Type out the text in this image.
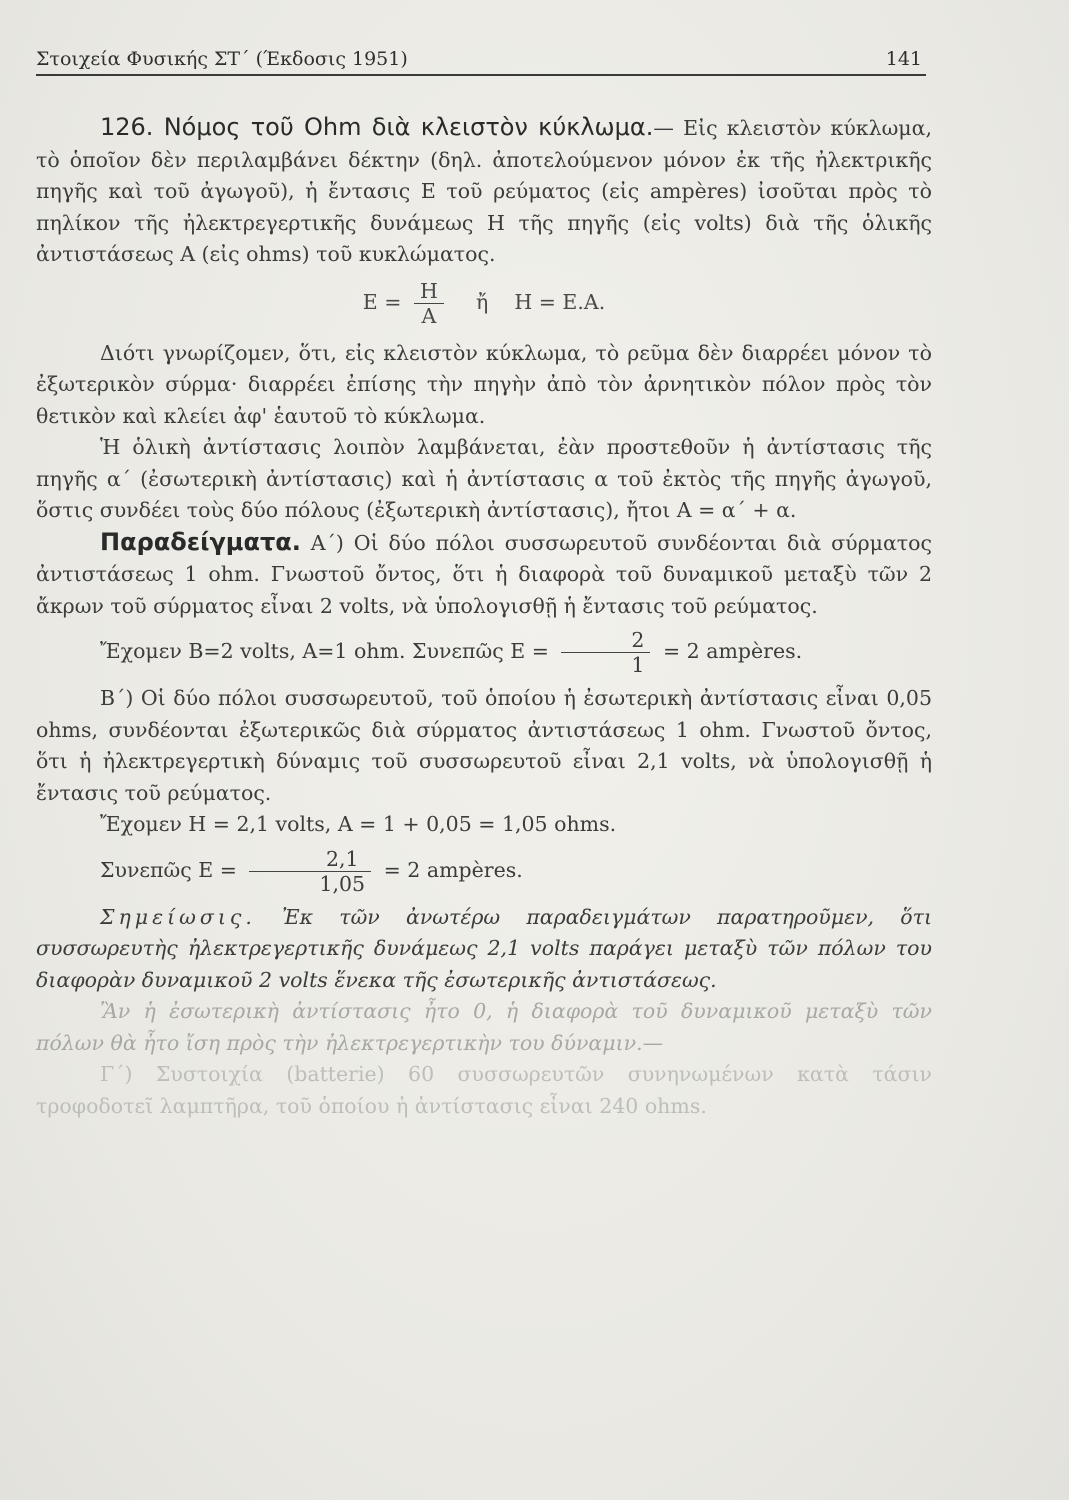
Στοιχεία Φυσικής ΣΤ΄ (Έκδοσις 1951)	141

126. Νόμος τοῦ Ohm διὰ κλειστὸν κύκλωμα.— Εἰς κλειστὸν κύκλωμα, τὸ ὁποῖον δὲν περιλαμβάνει δέκτην (δηλ. ἀποτελούμενον μόνον ἐκ τῆς ἠλεκτρικῆς πηγῆς καὶ τοῦ ἀγωγοῦ), ἡ ἔντασις Ε τοῦ ρεύματος (εἰς ampères) ἰσοῦται πρὸς τὸ πηλίκον τῆς ἠλεκτρεγερτικῆς δυνάμεως Η τῆς πηγῆς (εἰς volts) διὰ τῆς ὁλικῆς ἀντιστάσεως Α (εἰς ohms) τοῦ κυκλώματος.

$E = \frac{H}{A}$ ἤ H = E.A.

Διότι γνωρίζομεν, ὅτι, εἰς κλειστὸν κύκλωμα, τὸ ρεῦμα δὲν διαρρέει μόνον τὸ ἐξωτερικὸν σύρμα· διαρρέει ἐπίσης τὴν πηγὴν ἀπὸ τὸν ἀρνητικὸν πόλον πρὸς τὸν θετικὸν καὶ κλείει ἀφ' ἑαυτοῦ τὸ κύκλωμα.

Ἡ ὁλικὴ ἀντίστασις λοιπὸν λαμβάνεται, ἐὰν προστεθοῦν ἡ ἀντίστασις τῆς πηγῆς α΄ (ἐσωτερικὴ ἀντίστασις) καὶ ἡ ἀντίστασις α τοῦ ἐκτὸς τῆς πηγῆς ἀγωγοῦ, ὅστις συνδέει τοὺς δύο πόλους (ἐξωτερικὴ ἀντίστασις), ἤτοι Α = α΄ + α.

Παραδείγματα. Α΄) Οἱ δύο πόλοι συσσωρευτοῦ συνδέονται διὰ σύρματος ἀντιστάσεως 1 ohm. Γνωστοῦ ὄντος, ὅτι ἡ διαφορὰ τοῦ δυναμικοῦ μεταξὺ τῶν 2 ἄκρων τοῦ σύρματος εἶναι 2 volts, νὰ ὑπολογισθῇ ἡ ἔντασις τοῦ ρεύματος.

Ἔχομεν Β=2 volts, A=1 ohm. Συνεπῶς $E = \frac{2}{1} = 2$ ampères.

Β΄) Οἱ δύο πόλοι συσσωρευτοῦ, τοῦ ὁποίου ἡ ἐσωτερικὴ ἀντίστασις εἶναι 0,05 ohms, συνδέονται ἐξωτερικῶς διὰ σύρματος ἀντιστάσεως 1 ohm. Γνωστοῦ ὄντος, ὅτι ἡ ἠλεκτρεγερτικὴ δύναμις τοῦ συσσωρευτοῦ εἶναι 2,1 volts, νὰ ὑπολογισθῇ ἡ ἔντασις τοῦ ρεύματος.

Ἔχομεν H = 2,1 volts, A = 1 + 0,05 = 1,05 ohms.

Συνεπῶς $E = \frac{2,1}{1,05} = 2$ ampères.

Σημείωσις. Ἐκ τῶν ἀνωτέρω παραδειγμάτων παρατηροῦμεν, ὅτι συσσωρευτὴς ἠλεκτρεγερτικῆς δυνάμεως 2,1 volts παράγει μεταξὺ τῶν πόλων του διαφορὰν δυναμικοῦ 2 volts ἕνεκα τῆς ἐσωτερικῆς ἀντιστάσεως.

Ἂν ἡ ἐσωτερικὴ ἀντίστασις ἦτο 0, ἡ διαφορὰ τοῦ δυναμικοῦ μεταξὺ τῶν πόλων θὰ ἦτο ἴση πρὸς τὴν ἠλεκτρεγερτικὴν του δύναμιν.—

Γ΄) Συστοιχία (batterie) 60 συσσωρευτῶν συνηνωμένων κατὰ τάσιν τροφοδοτεῖ λαμπτῆρα, τοῦ ὁποίου ἡ ἀντίστασις εἶναι 240 ohms.
